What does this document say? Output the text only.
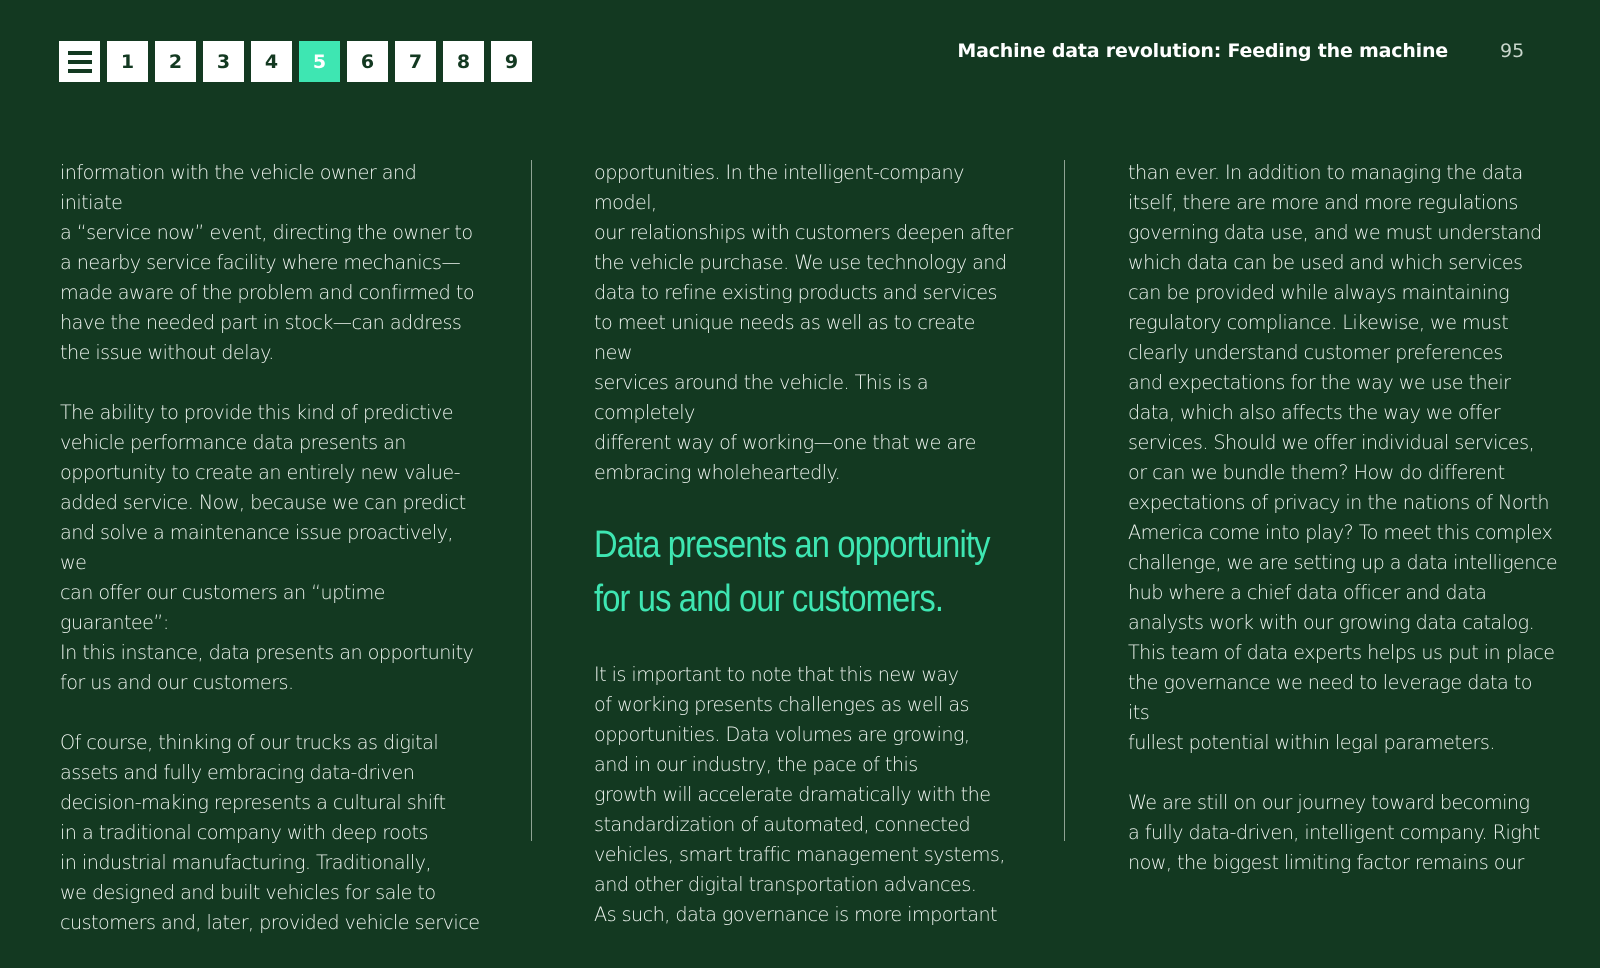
1	2	3	4	5	6	7	8	9	Machine data revolution: Feeding the machine	95

information with the vehicle owner and initiate
a “service now” event, directing the owner to
a nearby service facility where mechanics—
made aware of the problem and confirmed to
have the needed part in stock—can address
the issue without delay.

The ability to provide this kind of predictive
vehicle performance data presents an
opportunity to create an entirely new value-
added service. Now, because we can predict
and solve a maintenance issue proactively, we
can offer our customers an “uptime guarantee”:
In this instance, data presents an opportunity
for us and our customers.

Of course, thinking of our trucks as digital
assets and fully embracing data-driven
decision-making represents a cultural shift
in a traditional company with deep roots
in industrial manufacturing. Traditionally,
we designed and built vehicles for sale to
customers and, later, provided vehicle service

opportunities. In the intelligent-company model,
our relationships with customers deepen after
the vehicle purchase. We use technology and
data to refine existing products and services
to meet unique needs as well as to create new
services around the vehicle. This is a completely
different way of working—one that we are
embracing wholeheartedly.

Data presents an opportunity
for us and our customers.

It is important to note that this new way
of working presents challenges as well as
opportunities. Data volumes are growing,
and in our industry, the pace of this
growth will accelerate dramatically with the
standardization of automated, connected
vehicles, smart traffic management systems,
and other digital transportation advances.
As such, data governance is more important

than ever. In addition to managing the data
itself, there are more and more regulations
governing data use, and we must understand
which data can be used and which services
can be provided while always maintaining
regulatory compliance. Likewise, we must
clearly understand customer preferences
and expectations for the way we use their
data, which also affects the way we offer
services. Should we offer individual services,
or can we bundle them? How do different
expectations of privacy in the nations of North
America come into play? To meet this complex
challenge, we are setting up a data intelligence
hub where a chief data officer and data
analysts work with our growing data catalog.
This team of data experts helps us put in place
the governance we need to leverage data to its
fullest potential within legal parameters.

We are still on our journey toward becoming
a fully data-driven, intelligent company. Right
now, the biggest limiting factor remains our
